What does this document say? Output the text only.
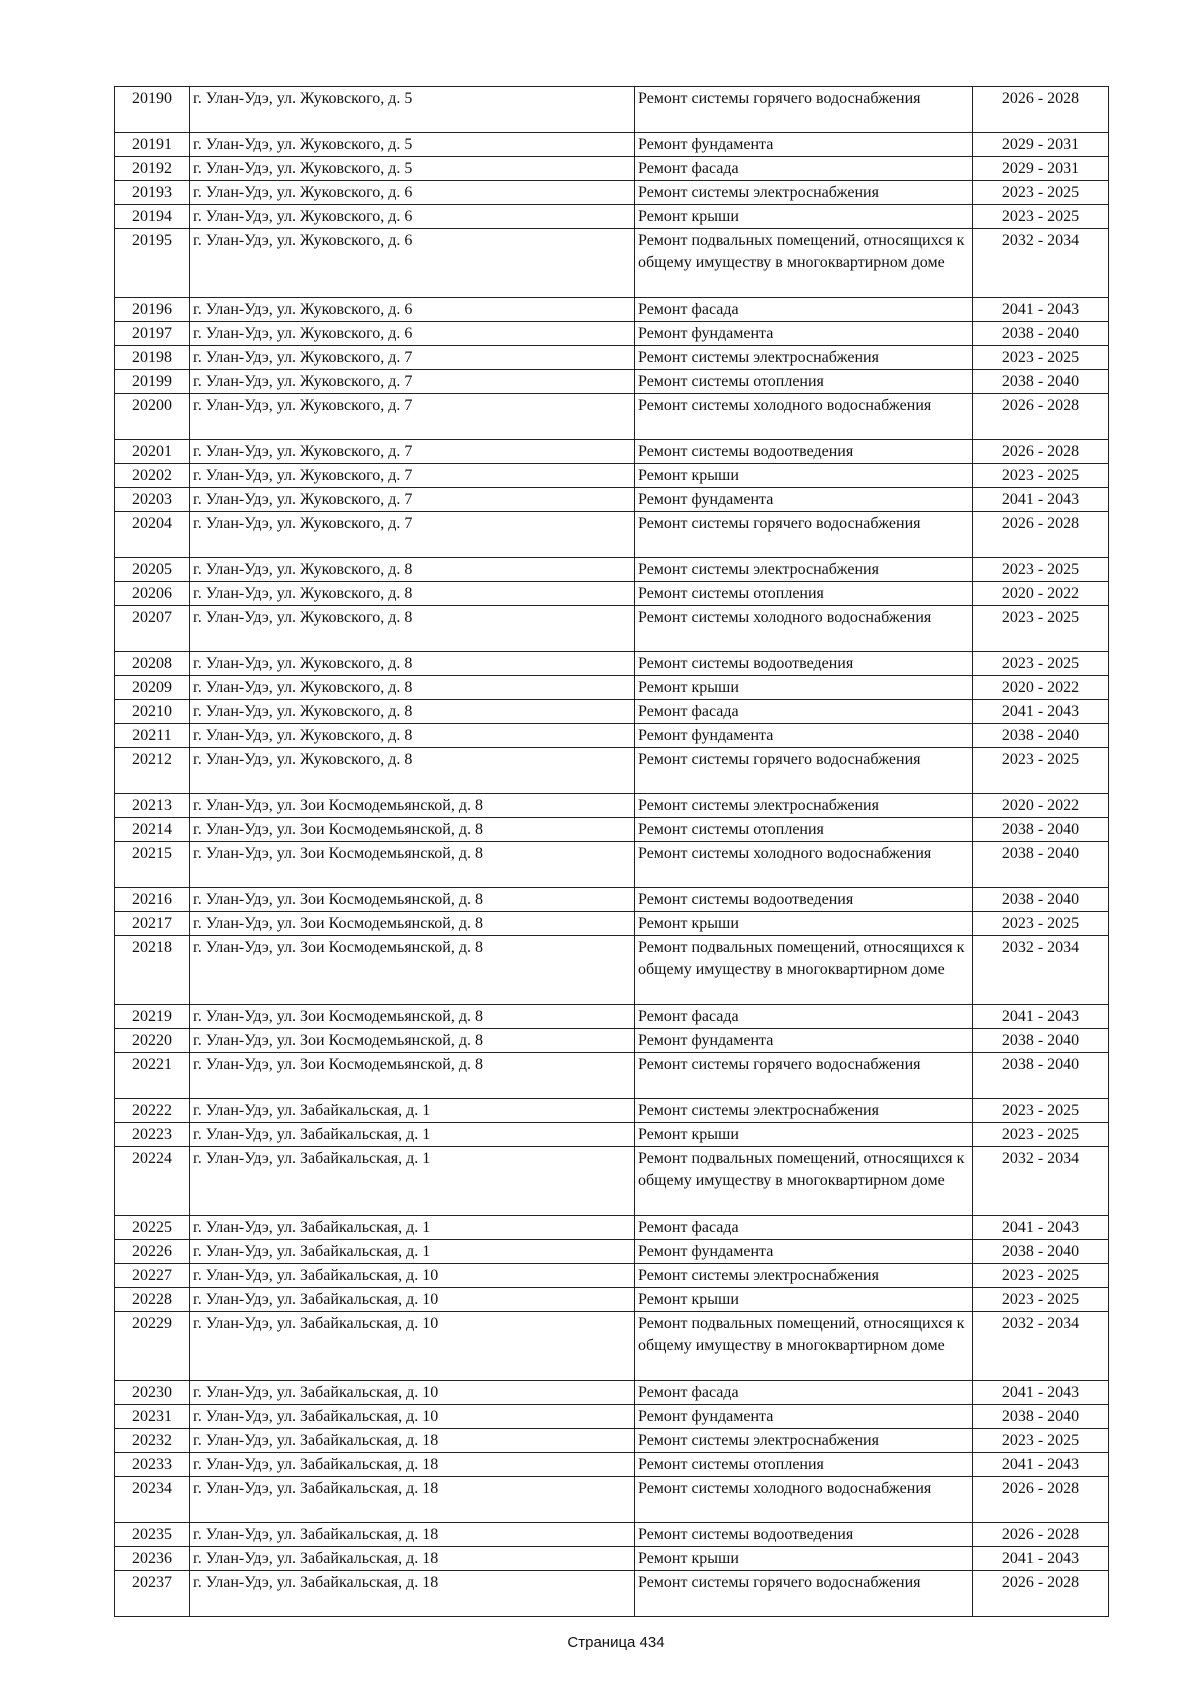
20190	г. Улан-Удэ, ул. Жуковского, д. 5	Ремонт системы горячего водоснабжения	2026 - 2028
20191	г. Улан-Удэ, ул. Жуковского, д. 5	Ремонт фундамента	2029 - 2031
20192	г. Улан-Удэ, ул. Жуковского, д. 5	Ремонт фасада	2029 - 2031
20193	г. Улан-Удэ, ул. Жуковского, д. 6	Ремонт системы электроснабжения	2023 - 2025
20194	г. Улан-Удэ, ул. Жуковского, д. 6	Ремонт крыши	2023 - 2025
20195	г. Улан-Удэ, ул. Жуковского, д. 6	Ремонт подвальных помещений, относящихся к общему имуществу в многоквартирном доме	2032 - 2034
20196	г. Улан-Удэ, ул. Жуковского, д. 6	Ремонт фасада	2041 - 2043
20197	г. Улан-Удэ, ул. Жуковского, д. 6	Ремонт фундамента	2038 - 2040
20198	г. Улан-Удэ, ул. Жуковского, д. 7	Ремонт системы электроснабжения	2023 - 2025
20199	г. Улан-Удэ, ул. Жуковского, д. 7	Ремонт системы отопления	2038 - 2040
20200	г. Улан-Удэ, ул. Жуковского, д. 7	Ремонт системы холодного водоснабжения	2026 - 2028
20201	г. Улан-Удэ, ул. Жуковского, д. 7	Ремонт системы водоотведения	2026 - 2028
20202	г. Улан-Удэ, ул. Жуковского, д. 7	Ремонт крыши	2023 - 2025
20203	г. Улан-Удэ, ул. Жуковского, д. 7	Ремонт фундамента	2041 - 2043
20204	г. Улан-Удэ, ул. Жуковского, д. 7	Ремонт системы горячего водоснабжения	2026 - 2028
20205	г. Улан-Удэ, ул. Жуковского, д. 8	Ремонт системы электроснабжения	2023 - 2025
20206	г. Улан-Удэ, ул. Жуковского, д. 8	Ремонт системы отопления	2020 - 2022
20207	г. Улан-Удэ, ул. Жуковского, д. 8	Ремонт системы холодного водоснабжения	2023 - 2025
20208	г. Улан-Удэ, ул. Жуковского, д. 8	Ремонт системы водоотведения	2023 - 2025
20209	г. Улан-Удэ, ул. Жуковского, д. 8	Ремонт крыши	2020 - 2022
20210	г. Улан-Удэ, ул. Жуковского, д. 8	Ремонт фасада	2041 - 2043
20211	г. Улан-Удэ, ул. Жуковского, д. 8	Ремонт фундамента	2038 - 2040
20212	г. Улан-Удэ, ул. Жуковского, д. 8	Ремонт системы горячего водоснабжения	2023 - 2025
20213	г. Улан-Удэ, ул. Зои Космодемьянской, д. 8	Ремонт системы электроснабжения	2020 - 2022
20214	г. Улан-Удэ, ул. Зои Космодемьянской, д. 8	Ремонт системы отопления	2038 - 2040
20215	г. Улан-Удэ, ул. Зои Космодемьянской, д. 8	Ремонт системы холодного водоснабжения	2038 - 2040
20216	г. Улан-Удэ, ул. Зои Космодемьянской, д. 8	Ремонт системы водоотведения	2038 - 2040
20217	г. Улан-Удэ, ул. Зои Космодемьянской, д. 8	Ремонт крыши	2023 - 2025
20218	г. Улан-Удэ, ул. Зои Космодемьянской, д. 8	Ремонт подвальных помещений, относящихся к общему имуществу в многоквартирном доме	2032 - 2034
20219	г. Улан-Удэ, ул. Зои Космодемьянской, д. 8	Ремонт фасада	2041 - 2043
20220	г. Улан-Удэ, ул. Зои Космодемьянской, д. 8	Ремонт фундамента	2038 - 2040
20221	г. Улан-Удэ, ул. Зои Космодемьянской, д. 8	Ремонт системы горячего водоснабжения	2038 - 2040
20222	г. Улан-Удэ, ул. Забайкальская, д. 1	Ремонт системы электроснабжения	2023 - 2025
20223	г. Улан-Удэ, ул. Забайкальская, д. 1	Ремонт крыши	2023 - 2025
20224	г. Улан-Удэ, ул. Забайкальская, д. 1	Ремонт подвальных помещений, относящихся к общему имуществу в многоквартирном доме	2032 - 2034
20225	г. Улан-Удэ, ул. Забайкальская, д. 1	Ремонт фасада	2041 - 2043
20226	г. Улан-Удэ, ул. Забайкальская, д. 1	Ремонт фундамента	2038 - 2040
20227	г. Улан-Удэ, ул. Забайкальская, д. 10	Ремонт системы электроснабжения	2023 - 2025
20228	г. Улан-Удэ, ул. Забайкальская, д. 10	Ремонт крыши	2023 - 2025
20229	г. Улан-Удэ, ул. Забайкальская, д. 10	Ремонт подвальных помещений, относящихся к общему имуществу в многоквартирном доме	2032 - 2034
20230	г. Улан-Удэ, ул. Забайкальская, д. 10	Ремонт фасада	2041 - 2043
20231	г. Улан-Удэ, ул. Забайкальская, д. 10	Ремонт фундамента	2038 - 2040
20232	г. Улан-Удэ, ул. Забайкальская, д. 18	Ремонт системы электроснабжения	2023 - 2025
20233	г. Улан-Удэ, ул. Забайкальская, д. 18	Ремонт системы отопления	2041 - 2043
20234	г. Улан-Удэ, ул. Забайкальская, д. 18	Ремонт системы холодного водоснабжения	2026 - 2028
20235	г. Улан-Удэ, ул. Забайкальская, д. 18	Ремонт системы водоотведения	2026 - 2028
20236	г. Улан-Удэ, ул. Забайкальская, д. 18	Ремонт крыши	2041 - 2043
20237	г. Улан-Удэ, ул. Забайкальская, д. 18	Ремонт системы горячего водоснабжения	2026 - 2028
Страница 434
